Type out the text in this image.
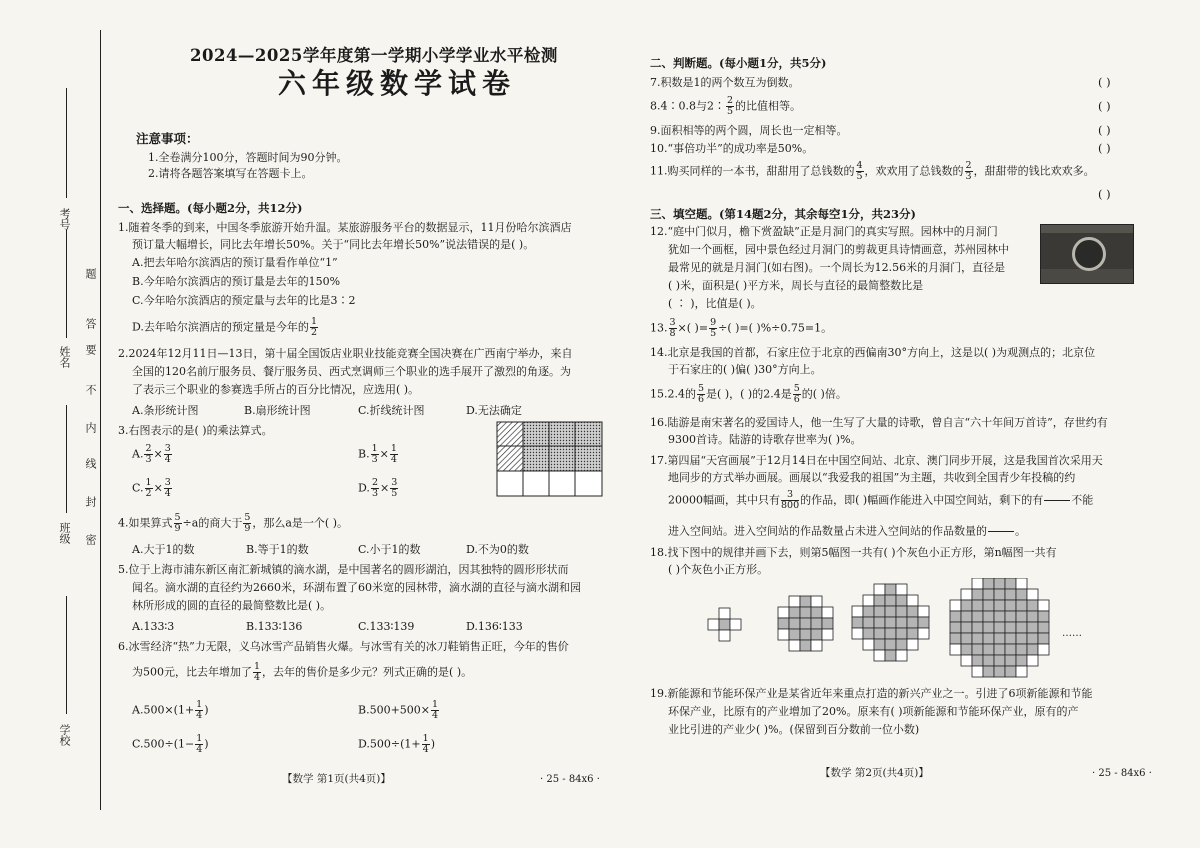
考号
姓名
班级
学校
答
题
要
不
内
线
封
密
2024—2025学年度第一学期小学学业水平检测
六年级数学试卷
注意事项：
1.全卷满分100分，答题时间为90分钟。
2.请将各题答案填写在答题卡上。
一、选择题。(每小题2分，共12分)
1.随着冬季的到来，中国冬季旅游开始升温。某旅游服务平台的数据显示，11月份哈尔滨酒店
预订量大幅增长，同比去年增长50%。关于“同比去年增长50%”说法错误的是( )。
A.把去年哈尔滨酒店的预订量看作单位“1”
B.今年哈尔滨酒店的预订量是去年的150%
C.今年哈尔滨酒店的预定量与去年的比是3∶2
D.去年哈尔滨酒店的预定量是今年的 $\frac{1}{2}$
2.2024年12月11日—13日，第十届全国饭店业职业技能竞赛全国决赛在广西南宁举办，来自
全国的120名前厅服务员、餐厅服务员、西式烹调师三个职业的选手展开了激烈的角逐。为
了表示三个职业的参赛选手所占的百分比情况，应选用( )。
A.条形统计图	B.扇形统计图	C.折线统计图	D.无法确定
3.右图表示的是( )的乘法算式。
A. $\frac{2}{3} \times \frac{3}{4}$	B. $\frac{1}{3} \times \frac{1}{4}$
C. $\frac{1}{2} \times \frac{3}{4}$	D. $\frac{2}{3} \times \frac{3}{5}$
4.如果算式 $\frac{5}{9} \div a$的商大于 $\frac{5}{9}$ ，那么a是一个( )。
A.大于1的数	B.等于1的数	C.小于1的数	D.不为0的数
5.位于上海市浦东新区南汇新城镇的滴水湖，是中国著名的圆形湖泊，因其独特的圆形形状而
闻名。滴水湖的直径约为2660米，环湖布置了60米宽的园林带，滴水湖的直径与滴水湖和园
林所形成的圆的直径的最简整数比是( )。
A.133∶3	B.133∶136	C.133∶139	D.136∶133
6.冰雪经济“热”力无限，义乌冰雪产品销售火爆。与冰雪有关的冰刀鞋销售正旺，今年的售价
为500元，比去年增加了 $\frac{1}{4}$ ，去年的售价是多少元？列式正确的是( )。
$A.500\times(1+ \frac{1}{4}$ )	$B.500+500\times \frac{1}{4}$
$C.500\div(1- \frac{1}{4}$ )	$D.500\div(1+ \frac{1}{4}$ )
【数学 第1页(共4页)】	· 25 - 84x6 ·
二、判断题。(每小题1分，共5分)
7.积数是1的两个数互为倒数。	( )
8.4∶0.8与2∶ $\frac{2}{5}$ 的比值相等。	( )
9.面积相等的两个圆，周长也一定相等。	( )
10.“事倍功半”的成功率是50%。	( )
11.购买同样的一本书，甜甜用了总钱数的 $\frac{4}{5}$ ，欢欢用了总钱数的 $\frac{2}{3}$ ，甜甜带的钱比欢欢多。
( )
三、填空题。(第14题2分，其余每空1分，共23分)
12.“庭中门似月，檐下赏盈缺”正是月洞门的真实写照。园林中的月洞门
犹如一个画框，园中景色经过月洞门的剪裁更具诗情画意，苏州园林中
最常见的就是月洞门(如右图)。一个周长为12.56米的月洞门，直径是
( )米，面积是( )平方米，周长与直径的最简整数比是
( ∶ )，比值是( )。
13. $\frac{3}{8}$ ×( )= $\frac{9}{5}$ ÷( )=( )%÷0.75=1。
14.北京是我国的首都，石家庄位于北京的西偏南30°方向上，这是以( )为观测点的；北京位
于石家庄的( )偏( )30°方向上。
15.2.4的 $\frac{5}{6}$ 是( )，( )的2.4是 $\frac{5}{6}$ 的( )倍。
16.陆游是南宋著名的爱国诗人，他一生写了大量的诗歌，曾自言“六十年间万首诗”，存世约有
9300首诗。陆游的诗歌存世率为( )%。
17.第四届“天宫画展”于12月14日在中国空间站、北京、澳门同步开展，这是我国首次采用天
地同步的方式举办画展。画展以“我爱我的祖国”为主题，共收到全国青少年投稿的约
20000幅画，其中只有 $\frac{3}{800}$ 的作品，即( )幅画作能进入中国空间站，剩下的有

	不能
进入空间站。进入空间站的作品数量占未进入空间站的作品数量的

	。
18.找下图中的规律并画下去，则第5幅图一共有( )个灰色小正方形，第n幅图一共有
( )个灰色小正方形。
……
19.新能源和节能环保产业是某省近年来重点打造的新兴产业之一。引进了6项新能源和节能
环保产业，比原有的产业增加了20%。原来有( )项新能源和节能环保产业，原有的产
业比引进的产业少( )%。(保留到百分数前一位小数)
【数学 第2页(共4页)】	· 25 - 84x6 ·
